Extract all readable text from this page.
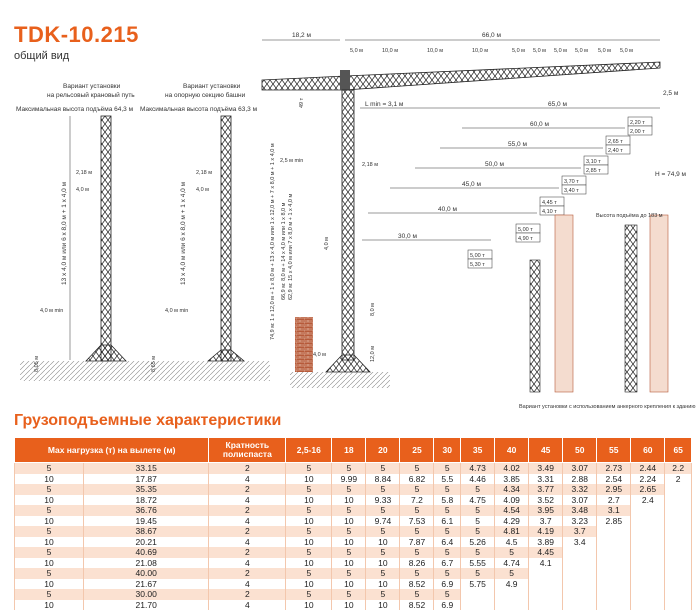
TDK-10.215
общий вид
Вариант установки
на рельсовый крановый путь
Максимальная высота подъёма 64,3 м
13 х 4,0 м или 6 х 8,0 м + 1 х 4,0 м
2,18 м
4,0 м
4,0 м min
8,05 м
Вариант установки
на опорную секцию башни
Максимальная высота подъёма 63,3 м
13 х 4,0 м или 6 х 8,0 м + 1 х 4,0 м
2,18 м
4,0 м
4,0 м min
8,65 м
18,2 м	66,0 м
5,0 м	10,0 м	10,0 м	10,0 м	5,0 м 5,0 м 5,0 м 5,0 м 5,0 м 5,0 м
49 т	L min = 3,1 м
2,18 м
2,5 м min
4,0 м
4,0 м	12,0 м
8,0 м
74,9 м: 1 х 12,0 м + 1 х 8,0 м + 13 х 4,0 м или 1 х 12,0 м + 7 х 8,0 м + 1 х 4,0 м 66,9 м: 8,0 м + 14 х 4,0 м или 1 х 8,0 м 62,9 м: 15 х 4,0 м или 7 х 8,0 м + 1 х 4,0 м
Н = 74,9 м
2,5 м
65,0 м
2,20 т
2,00 т
60,0 м
2,65 т
2,40 т
55,0 м
3,10 т
2,85 т
50,0 м
3,70 т
3,40 т
45,0 м
4,45 т
4,10 т
40,0 м
5,00 т
4,90 т
30,0 м
5,00 т
5,30 т
Высота подъёма до 183 м
Вариант установки с использованием анкерного крепления к зданию
Грузоподъемные характеристики
Max нагрузка (т) на вылете (м)		Кратность полиспаста	2,5-16	18	20	25	30	35	40	45	50	55	60	65
5	33.15	2	5	5	5	5	5	4.73	4.02	3.49	3.07	2.73	2.44	2.2
10	17.87	4	10	9.99	8.84	6.82	5.5	4.46	3.85	3.31	2.88	2.54	2.24	2
5	35.35	2	5	5	5	5	5	5	4.34	3.77	3.32	2.95	2.65	
10	18.72	4	10	10	9.33	7.2	5.8	4.75	4.09	3.52	3.07	2.7	2.4	
5	36.76	2	5	5	5	5	5	5	4.54	3.95	3.48	3.1		
10	19.45	4	10	10	9.74	7.53	6.1	5	4.29	3.7	3.23	2.85		
5	38.67	2	5	5	5	5	5	5	4.81	4.19	3.7			
10	20.21	4	10	10	10	7.87	6.4	5.26	4.5	3.89	3.4			
5	40.69	2	5	5	5	5	5	5	5	4.45				
10	21.08	4	10	10	10	8.26	6.7	5.55	4.74	4.1				
5	40.00	2	5	5	5	5	5	5	5					
10	21.67	4	10	10	10	8.52	6.9	5.75	4.9					
5	30.00	2	5	5	5	5	5							
10	21.70	4	10	10	10	8.52	6.9							
